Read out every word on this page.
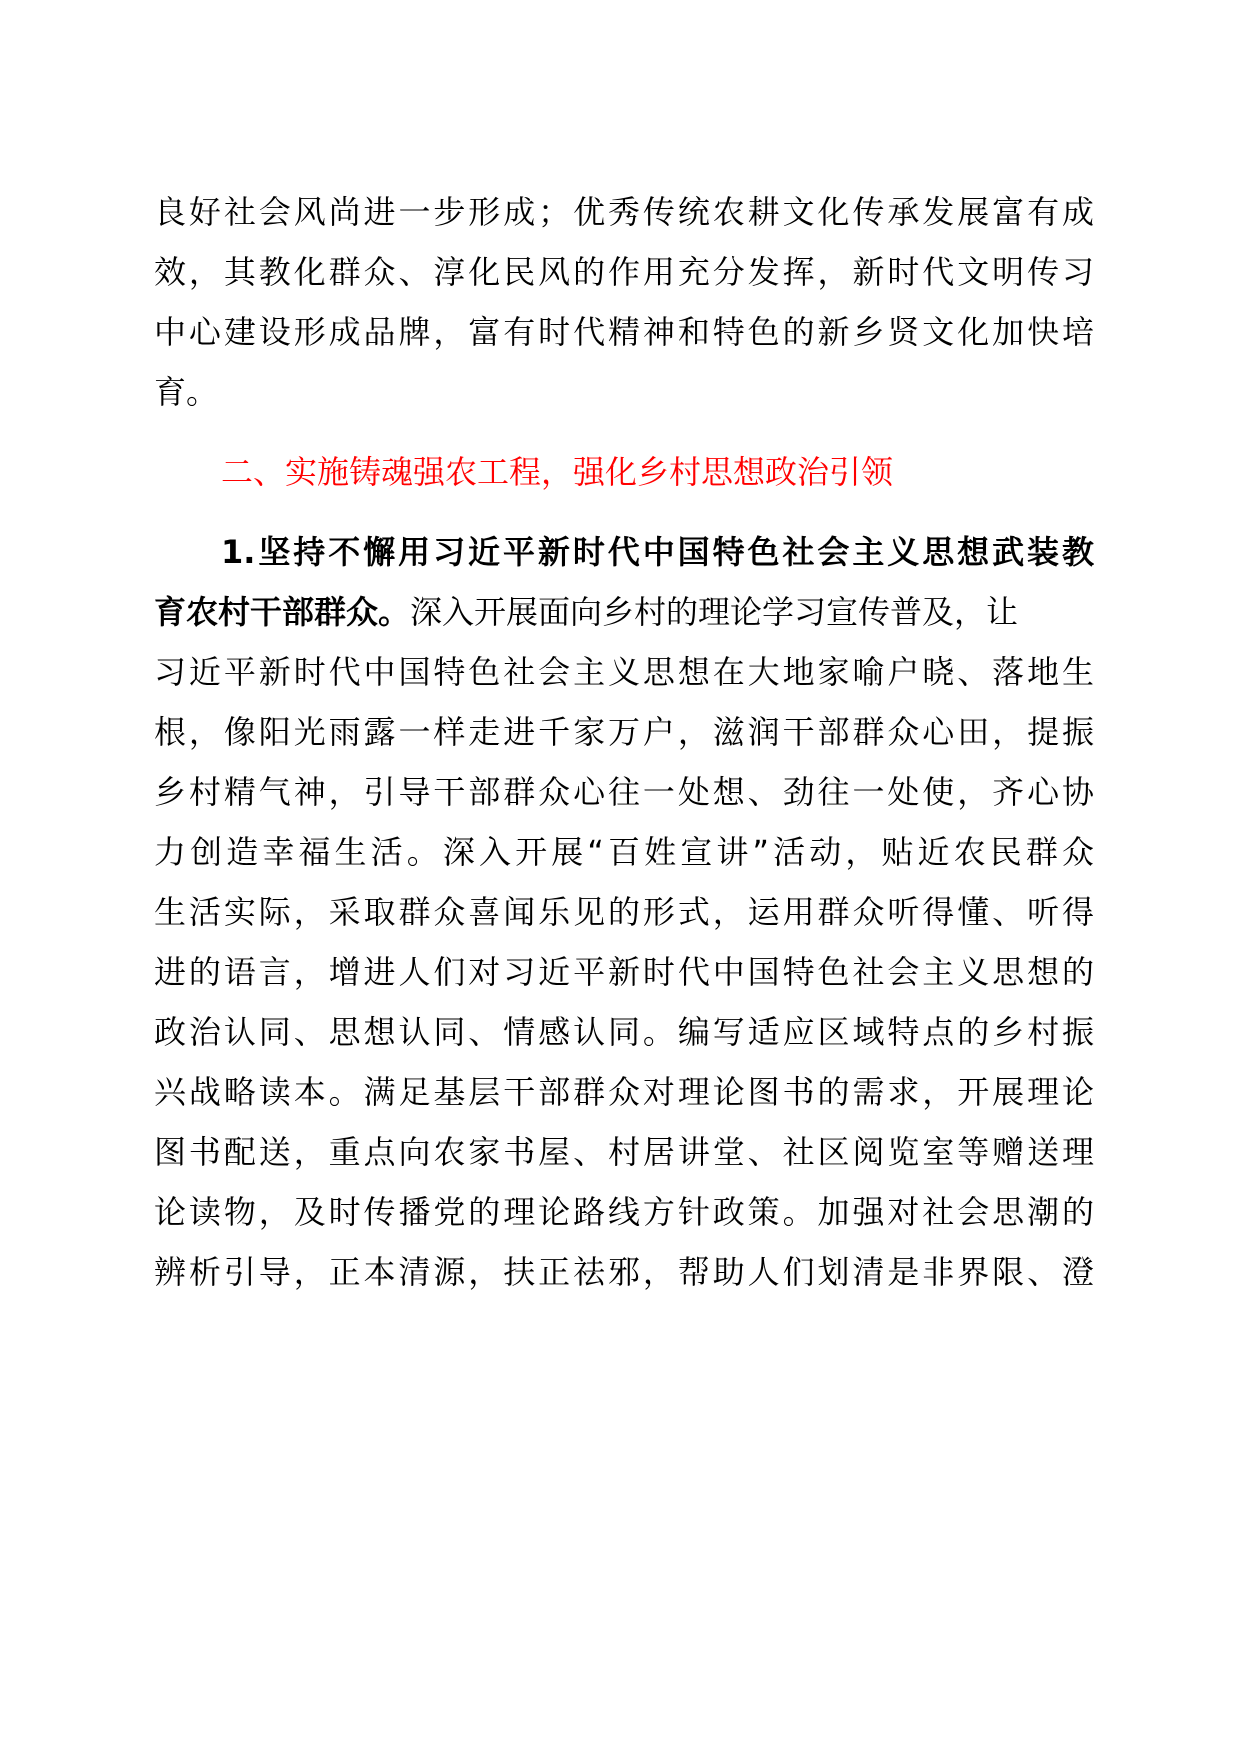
良好社会风尚进一步形成；优秀传统农耕文化传承发展富有成
效，其教化群众、淳化民风的作用充分发挥，新时代文明传习
中心建设形成品牌，富有时代精神和特色的新乡贤文化加快培
育。
二、实施铸魂强农工程，强化乡村思想政治引领
1.坚持不懈用习近平新时代中国特色社会主义思想武装教
育农村干部群众。深入开展面向乡村的理论学习宣传普及，让
习近平新时代中国特色社会主义思想在大地家喻户晓、落地生
根，像阳光雨露一样走进千家万户，滋润干部群众心田，提振
乡村精气神，引导干部群众心往一处想、劲往一处使，齐心协
力创造幸福生活。深入开展“百姓宣讲”活动，贴近农民群众
生活实际，采取群众喜闻乐见的形式，运用群众听得懂、听得
进的语言，增进人们对习近平新时代中国特色社会主义思想的
政治认同、思想认同、情感认同。编写适应区域特点的乡村振
兴战略读本。满足基层干部群众对理论图书的需求，开展理论
图书配送，重点向农家书屋、村居讲堂、社区阅览室等赠送理
论读物，及时传播党的理论路线方针政策。加强对社会思潮的
辨析引导，正本清源，扶正祛邪，帮助人们划清是非界限、澄
